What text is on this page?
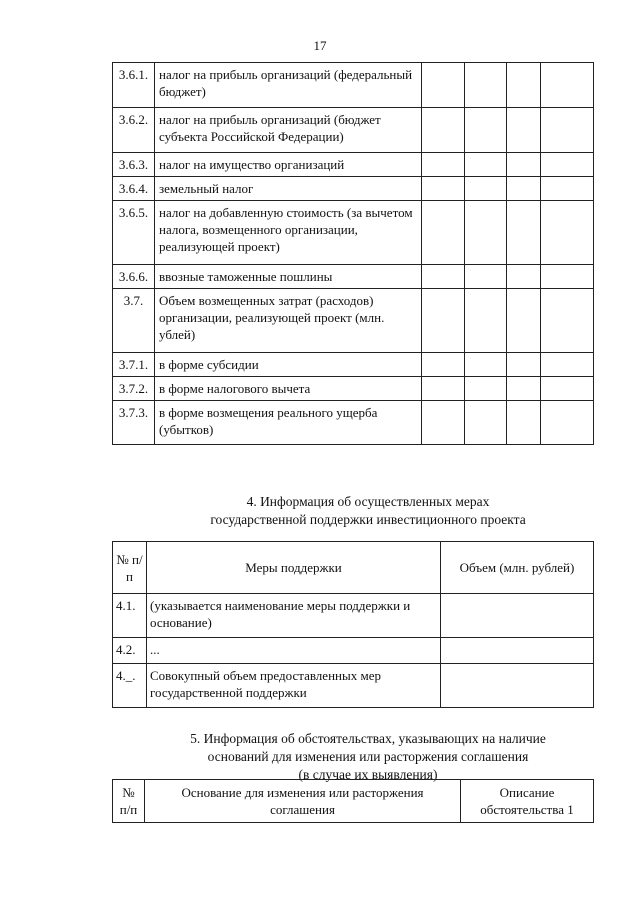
17
3.6.1.	налог на прибыль организаций (федеральный бюджет)				
3.6.2.	налог на прибыль организаций (бюджет субъекта Российской Федерации)				
3.6.3.	налог на имущество организаций				
3.6.4.	земельный налог				
3.6.5.	налог на добавленную стоимость (за вычетом налога, возмещенного организации, реализующей проект)				
3.6.6.	ввозные таможенные пошлины				
3.7.	Объем возмещенных затрат (расходов) организации, реализующей проект (млн. ублей)				
3.7.1.	в форме субсидии				
3.7.2.	в форме налогового вычета				
3.7.3.	в форме возмещения реального ущерба (убытков)				
4. Информация об осуществленных мерах
государственной поддержки инвестиционного проекта
№ п/п	Меры поддержки	Объем (млн. рублей)
4.1.	(указывается наименование меры поддержки и основание)	
4.2.	...	
4._.	Совокупный объем предоставленных мер государственной поддержки	
5. Информация об обстоятельствах, указывающих на наличие
оснований для изменения или расторжения соглашения
(в случае их выявления)
№ п/п	Основание для изменения или расторжения соглашения	Описание обстоятельства 1
